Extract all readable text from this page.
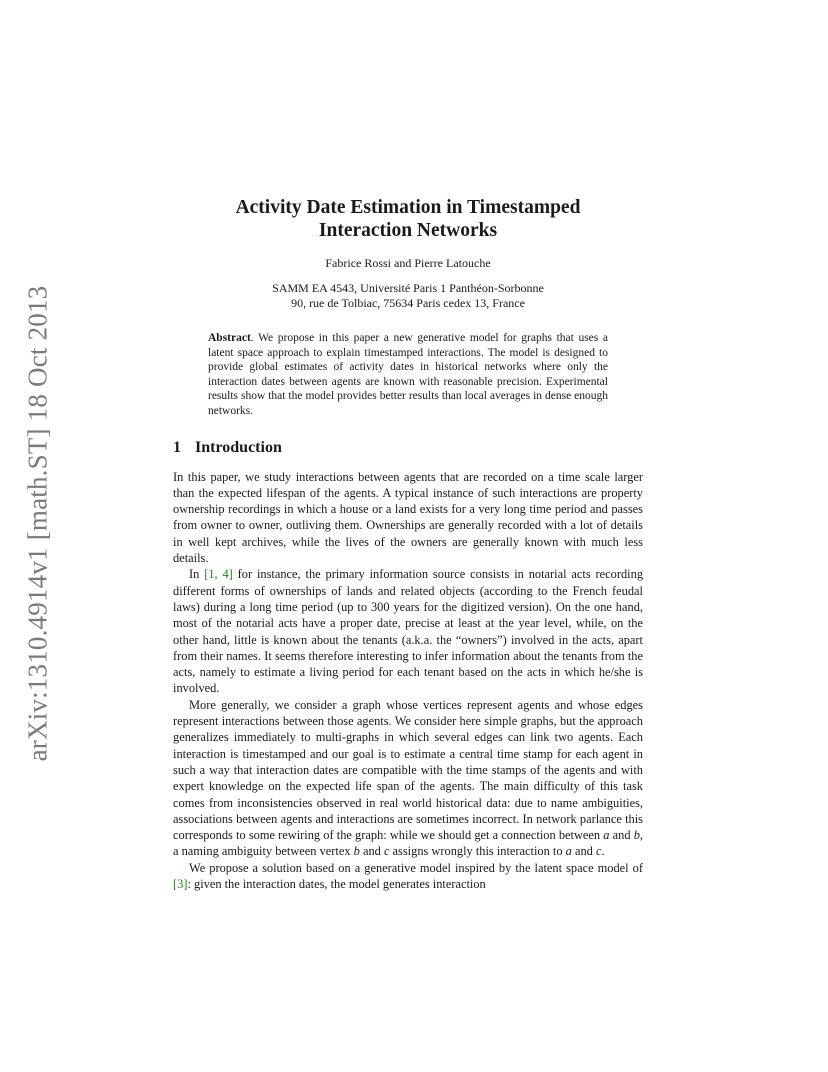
arXiv:1310.4914v1 [math.ST] 18 Oct 2013
Activity Date Estimation in Timestamped
Interaction Networks
Fabrice Rossi and Pierre Latouche
SAMM EA 4543, Université Paris 1 Panthéon-Sorbonne
90, rue de Tolbiac, 75634 Paris cedex 13, France
Abstract. We propose in this paper a new generative model for graphs that uses a latent space approach to explain timestamped interactions. The model is designed to provide global estimates of activity dates in historical networks where only the interaction dates between agents are known with reasonable precision. Experimental results show that the model provides better results than local averages in dense enough networks.
1 Introduction

In this paper, we study interactions between agents that are recorded on a time scale larger than the expected lifespan of the agents. A typical instance of such interactions are property ownership recordings in which a house or a land exists for a very long time period and passes from owner to owner, outliving them. Ownerships are generally recorded with a lot of details in well kept archives, while the lives of the owners are generally known with much less details.

In [1, 4] for instance, the primary information source consists in notarial acts recording different forms of ownerships of lands and related objects (according to the French feudal laws) during a long time period (up to 300 years for the digitized version). On the one hand, most of the notarial acts have a proper date, precise at least at the year level, while, on the other hand, little is known about the tenants (a.k.a. the “owners”) involved in the acts, apart from their names. It seems therefore interesting to infer information about the tenants from the acts, namely to estimate a living period for each tenant based on the acts in which he/she is involved.

More generally, we consider a graph whose vertices represent agents and whose edges represent interactions between those agents. We consider here simple graphs, but the approach generalizes immediately to multi-graphs in which several edges can link two agents. Each interaction is timestamped and our goal is to estimate a central time stamp for each agent in such a way that interaction dates are compatible with the time stamps of the agents and with expert knowledge on the expected life span of the agents. The main difficulty of this task comes from inconsistencies observed in real world historical data: due to name ambiguities, associations between agents and interactions are sometimes incorrect. In network parlance this corresponds to some rewiring of the graph: while we should get a connection between a and b, a naming ambiguity between vertex b and c assigns wrongly this interaction to a and c.

We propose a solution based on a generative model inspired by the latent space model of [3]: given the interaction dates, the model generates interaction
